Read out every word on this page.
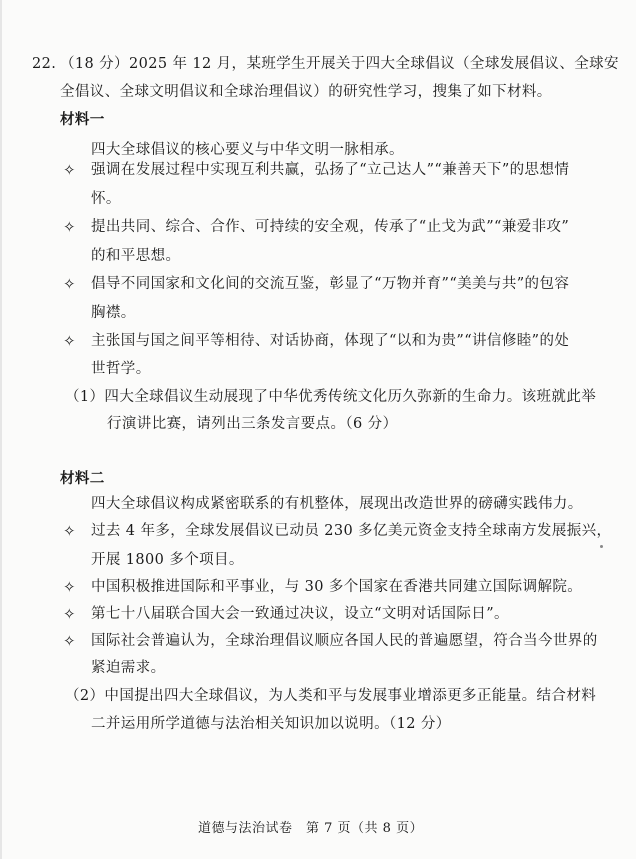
22. （18 分）2025 年 12 月，某班学生开展关于四大全球倡议（全球发展倡议、全球安
全倡议、全球文明倡议和全球治理倡议）的研究性学习，搜集了如下材料。
材料一
四大全球倡议的核心要义与中华文明一脉相承。
✧ 强调在发展过程中实现互利共赢，弘扬了“立己达人”“兼善天下”的思想情
怀。
✧ 提出共同、综合、合作、可持续的安全观，传承了“止戈为武”“兼爱非攻”
的和平思想。
✧ 倡导不同国家和文化间的交流互鉴，彰显了“万物并育”“美美与共”的包容
胸襟。
✧ 主张国与国之间平等相待、对话协商，体现了“以和为贵”“讲信修睦”的处
世哲学。
（1）四大全球倡议生动展现了中华优秀传统文化历久弥新的生命力。该班就此举
行演讲比赛，请列出三条发言要点。（6 分）
材料二
四大全球倡议构成紧密联系的有机整体，展现出改造世界的磅礴实践伟力。
✧ 过去 4 年多，全球发展倡议已动员 230 多亿美元资金支持全球南方发展振兴，
开展 1800 多个项目。
✧ 中国积极推进国际和平事业，与 30 多个国家在香港共同建立国际调解院。
✧ 第七十八届联合国大会一致通过决议，设立“文明对话国际日”。
✧ 国际社会普遍认为，全球治理倡议顺应各国人民的普遍愿望，符合当今世界的
紧迫需求。
（2）中国提出四大全球倡议，为人类和平与发展事业增添更多正能量。结合材料
二并运用所学道德与法治相关知识加以说明。（12 分）
道德与法治试卷　第 7 页（共 8 页）
